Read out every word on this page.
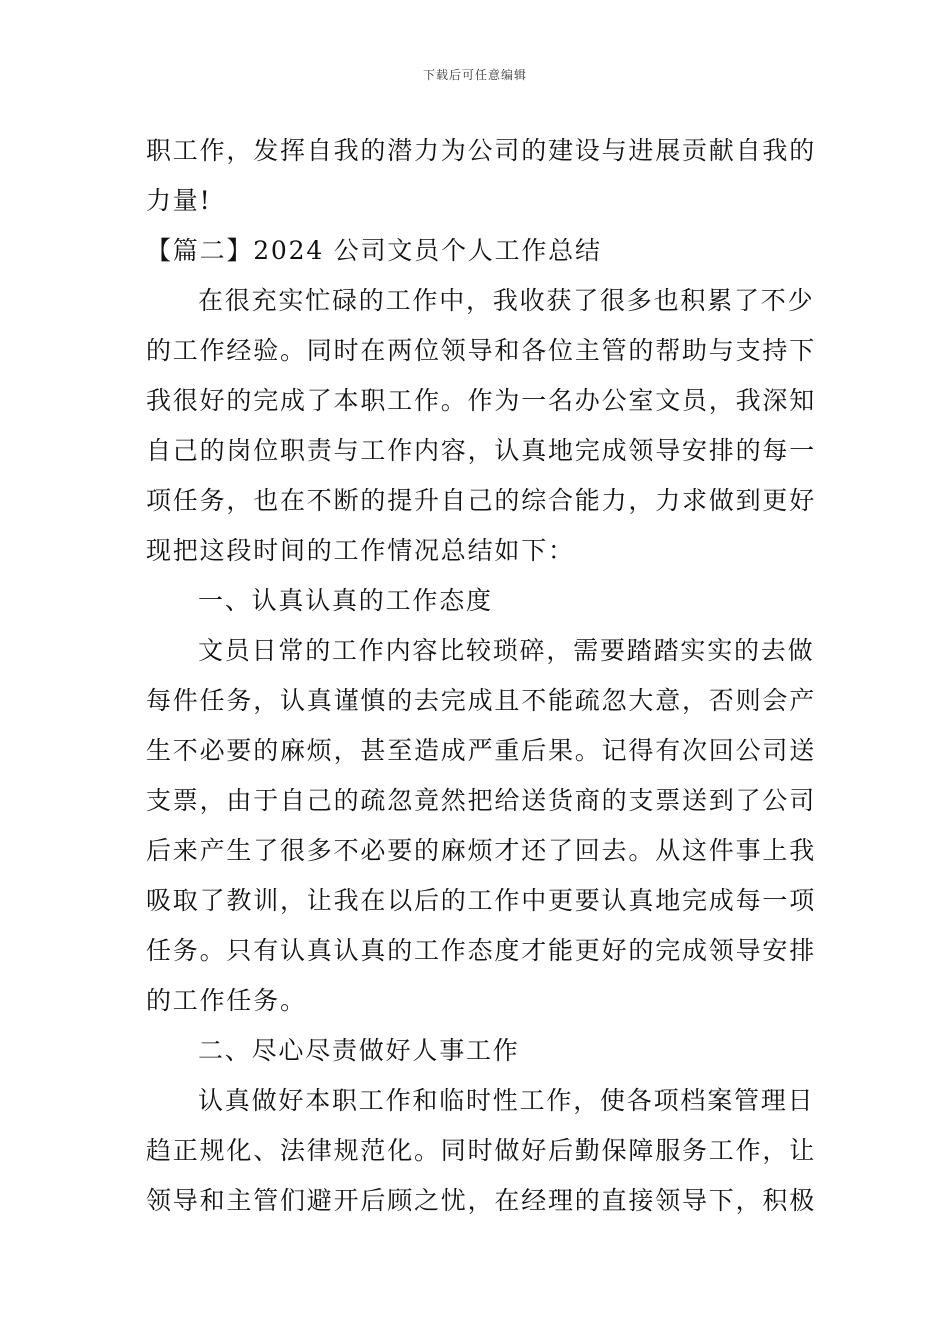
下载后可任意编辑
职工作，发挥自我的潜力为公司的建设与进展贡献自我的
力量!
【篇二】2024 公司文员个人工作总结
在很充实忙碌的工作中，我收获了很多也积累了不少
的工作经验。同时在两位领导和各位主管的帮助与支持下
我很好的完成了本职工作。作为一名办公室文员，我深知
自己的岗位职责与工作内容，认真地完成领导安排的每一
项任务，也在不断的提升自己的综合能力，力求做到更好
现把这段时间的工作情况总结如下：
一、认真认真的工作态度
文员日常的工作内容比较琐碎，需要踏踏实实的去做
每件任务，认真谨慎的去完成且不能疏忽大意，否则会产
生不必要的麻烦，甚至造成严重后果。记得有次回公司送
支票，由于自己的疏忽竟然把给送货商的支票送到了公司
后来产生了很多不必要的麻烦才还了回去。从这件事上我
吸取了教训，让我在以后的工作中更要认真地完成每一项
任务。只有认真认真的工作态度才能更好的完成领导安排
的工作任务。
二、尽心尽责做好人事工作
认真做好本职工作和临时性工作，使各项档案管理日
趋正规化、法律规范化。同时做好后勤保障服务工作，让
领导和主管们避开后顾之忧，在经理的直接领导下，积极
